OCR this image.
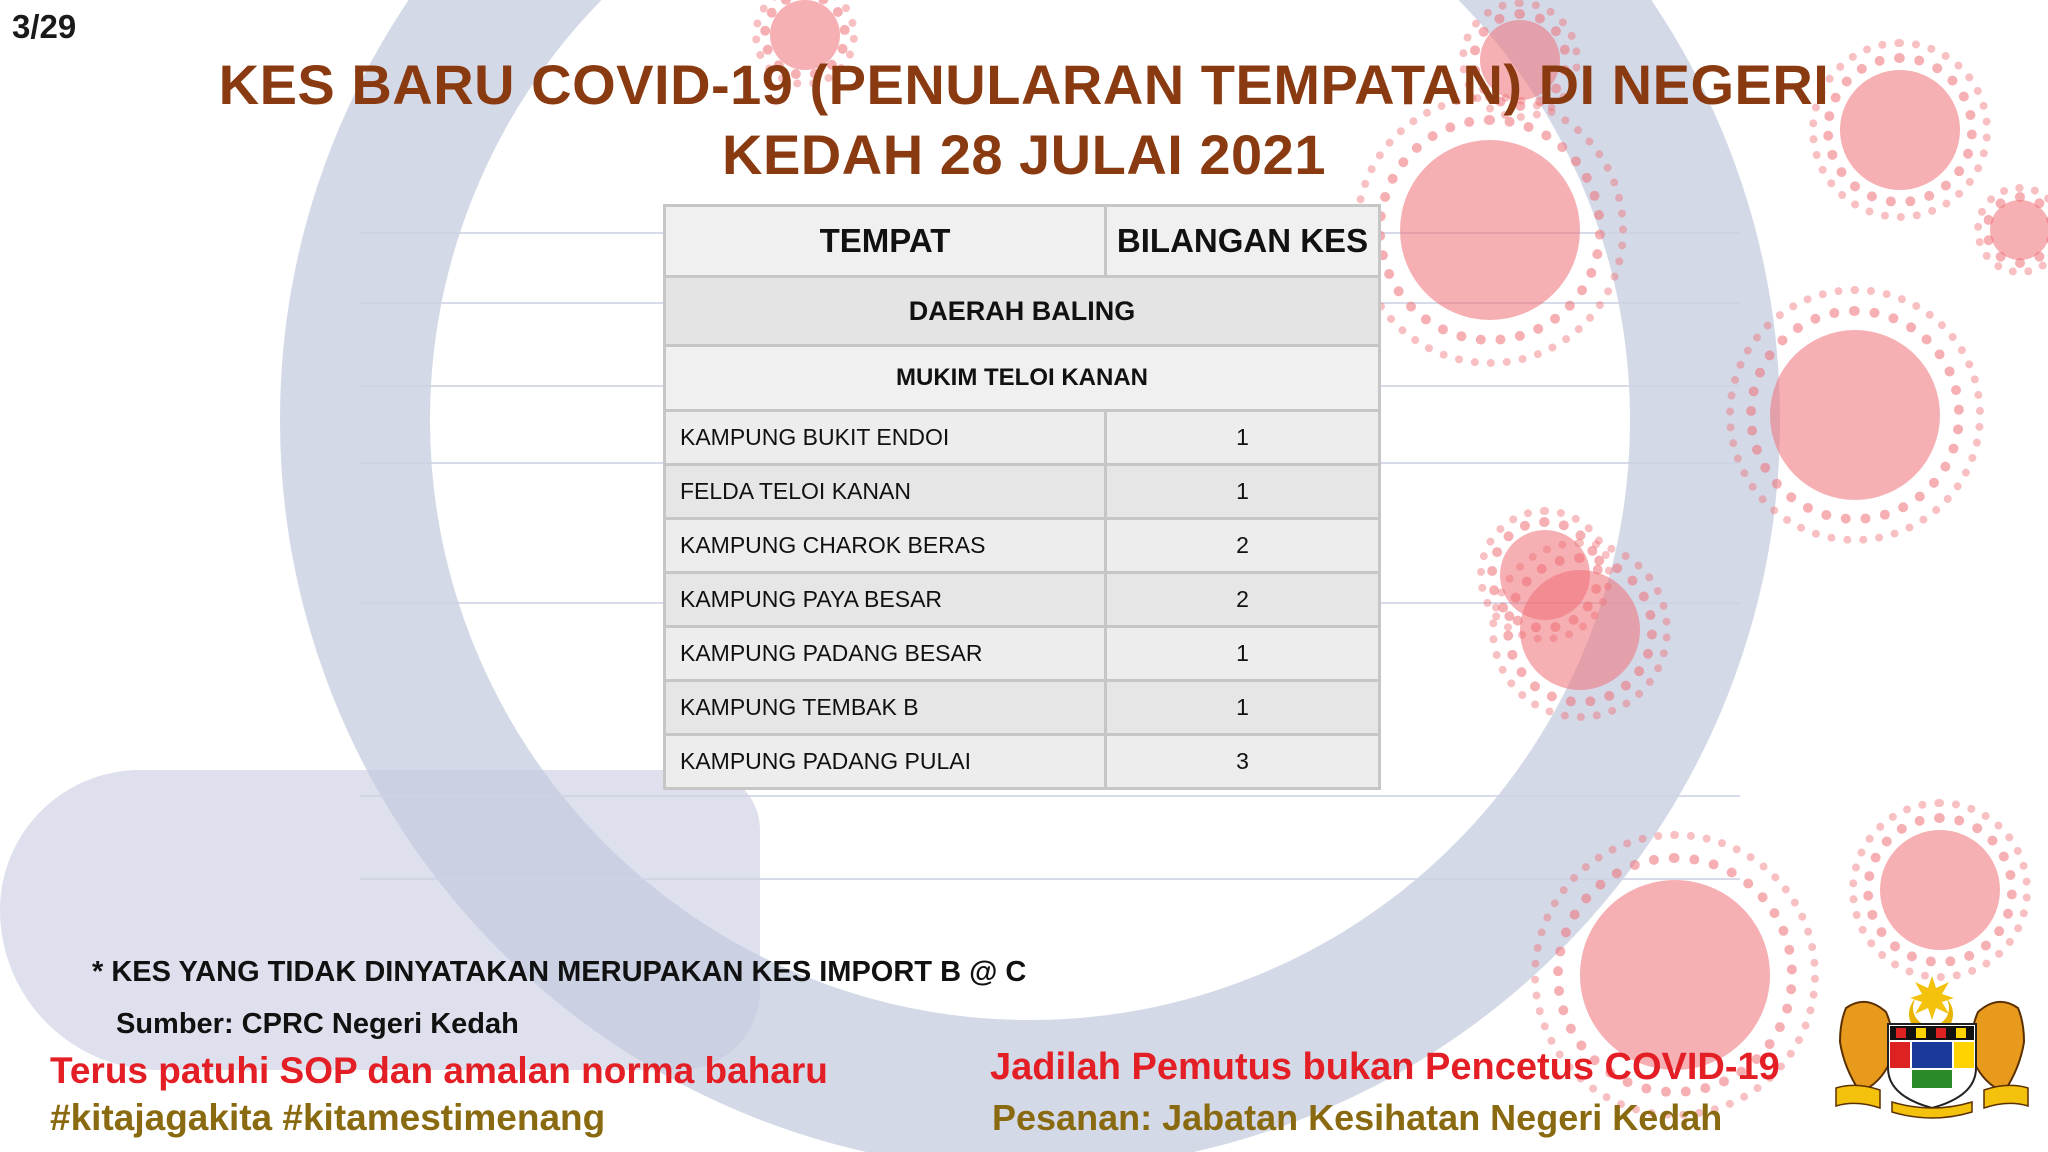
3/29
KES BARU COVID-19 (PENULARAN TEMPATAN) DI NEGERI
KEDAH 28 JULAI 2021
TEMPAT	BILANGAN KES
DAERAH BALING	
MUKIM TELOI KANAN	
KAMPUNG BUKIT ENDOI	1
FELDA TELOI KANAN	1
KAMPUNG CHAROK BERAS	2
KAMPUNG PAYA BESAR	2
KAMPUNG PADANG BESAR	1
KAMPUNG TEMBAK B	1
KAMPUNG PADANG PULAI	3
* KES YANG TIDAK DINYATAKAN MERUPAKAN KES IMPORT B @ C
Sumber: CPRC Negeri Kedah
Terus patuhi SOP dan amalan norma baharu
#kitajagakita #kitamestimenang
Jadilah Pemutus bukan Pencetus COVID-19
Pesanan: Jabatan Kesihatan Negeri Kedah
